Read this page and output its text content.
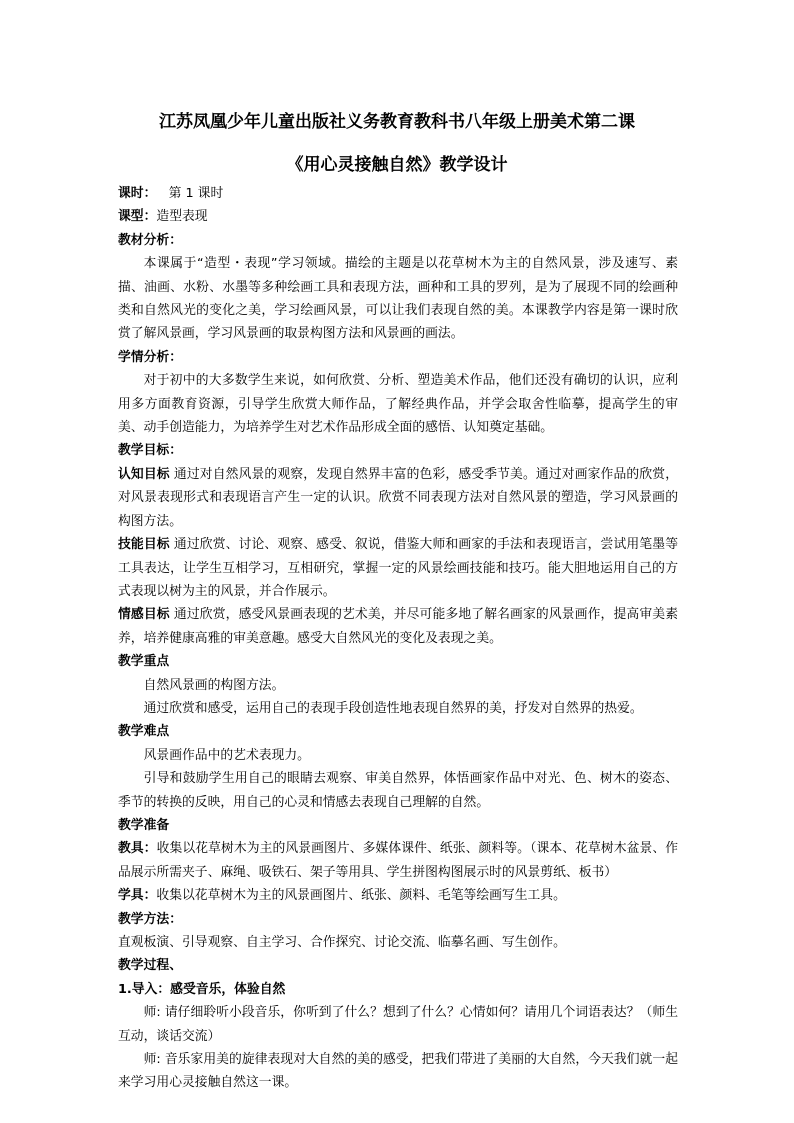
江苏凤凰少年儿童出版社义务教育教科书八年级上册美术第二课
《用心灵接触自然》教学设计

课时： 第 1 课时

课型：造型表现

教材分析：

本课属于“造型・表现”学习领域。描绘的主题是以花草树木为主的自然风景，涉及速写、素描、油画、水粉、水墨等多种绘画工具和表现方法，画种和工具的罗列，是为了展现不同的绘画种类和自然风光的变化之美，学习绘画风景，可以让我们表现自然的美。本课教学内容是第一课时欣赏了解风景画，学习风景画的取景构图方法和风景画的画法。

学情分析：

对于初中的大多数学生来说，如何欣赏、分析、塑造美术作品，他们还没有确切的认识，应利用多方面教育资源，引导学生欣赏大师作品，了解经典作品，并学会取舍性临摹，提高学生的审美、动手创造能力，为培养学生对艺术作品形成全面的感悟、认知奠定基础。

教学目标：

认知目标 通过对自然风景的观察，发现自然界丰富的色彩，感受季节美。通过对画家作品的欣赏，对风景表现形式和表现语言产生一定的认识。欣赏不同表现方法对自然风景的塑造，学习风景画的构图方法。

技能目标 通过欣赏、讨论、观察、感受、叙说，借鉴大师和画家的手法和表现语言，尝试用笔墨等工具表达，让学生互相学习，互相研究，掌握一定的风景绘画技能和技巧。能大胆地运用自己的方式表现以树为主的风景，并合作展示。

情感目标 通过欣赏，感受风景画表现的艺术美，并尽可能多地了解名画家的风景画作，提高审美素养，培养健康高雅的审美意趣。感受大自然风光的变化及表现之美。

教学重点

自然风景画的构图方法。

通过欣赏和感受，运用自己的表现手段创造性地表现自然界的美，抒发对自然界的热爱。

教学难点

风景画作品中的艺术表现力。

引导和鼓励学生用自己的眼睛去观察、审美自然界，体悟画家作品中对光、色、树木的姿态、季节的转换的反映，用自己的心灵和情感去表现自己理解的自然。

教学准备

教具：收集以花草树木为主的风景画图片、多媒体课件、纸张、颜料等。（课本、花草树木盆景、作品展示所需夹子、麻绳、吸铁石、架子等用具、学生拼图构图展示时的风景剪纸、板书）

学具：收集以花草树木为主的风景画图片、纸张、颜料、毛笔等绘画写生工具。

教学方法：

直观板演、引导观察、自主学习、合作探究、讨论交流、临摹名画、写生创作。

教学过程、

1.导入：感受音乐，体验自然

师: 请仔细聆听小段音乐，你听到了什么？想到了什么？心情如何？请用几个词语表达？（师生互动，谈话交流）

师: 音乐家用美的旋律表现对大自然的美的感受，把我们带进了美丽的大自然，今天我们就一起来学习用心灵接触自然这一课。
